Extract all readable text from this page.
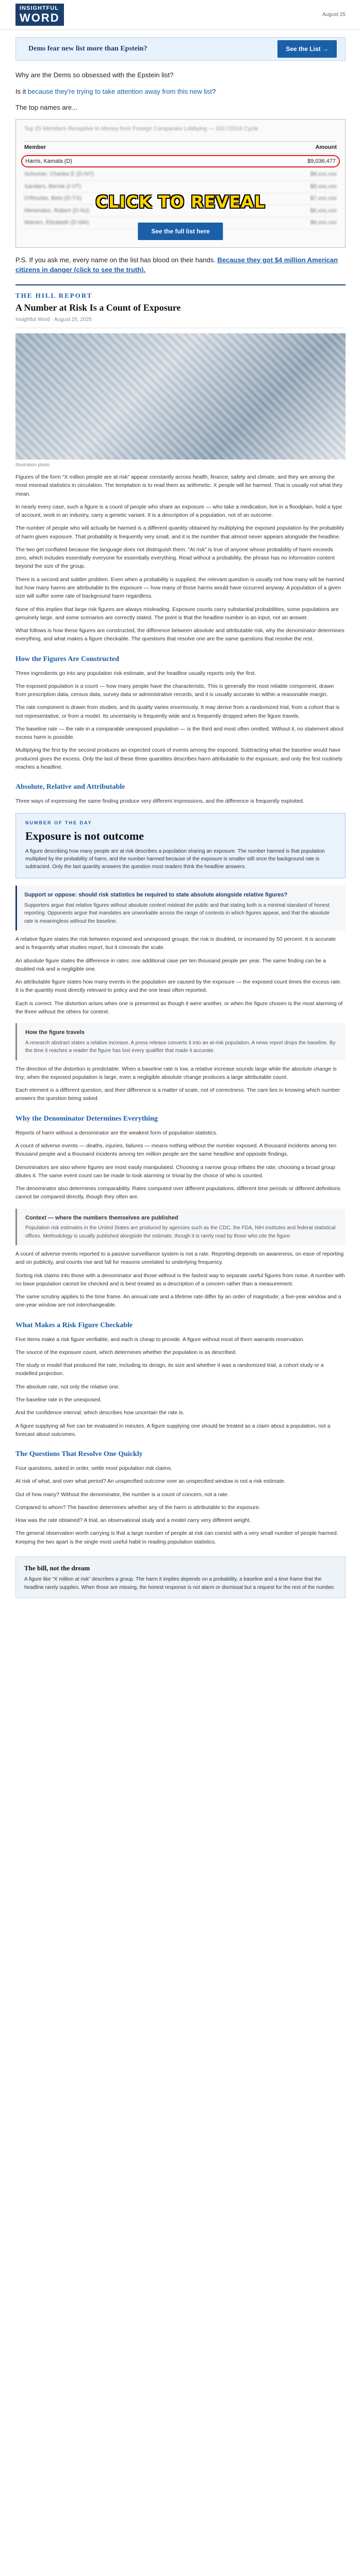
INSIGHTFUL
WORD	August 25
Dems fear new list more than Epstein?	See the List →

Why are the Dems so obsessed with the Epstein list?

Is it because they're trying to take attention away from this new list?

The top names are...

Top 25 Members Receptive to Money from Foreign Companies Lobbying — 2017/2018 Cycle
Member	Amount
Harris, Kamala (D)	$9,036,477
Schumer, Charles E (D-NY)	$8,xxx,xxx
Sanders, Bernie (I-VT)	$8,xxx,xxx
O'Rourke, Beto (D-TX)	$7,xxx,xxx
Menendez, Robert (D-NJ)	$6,xxx,xxx
Warren, Elizabeth (D-MA)	$6,xxx,xxx
CLICK TO REVEAL
See the full list here
P.S. If you ask me, every name on the list has blood on their hands. Because they got $4 million American citizens in danger (click to see the truth).
THE HILL REPORT
A Number at Risk Is a Count of Exposure
Insightful Word · August 25, 2025
Illustration photo

Figures of the form “X million people are at risk” appear constantly across health, finance, safety and climate, and they are among the most misread statistics in circulation. The temptation is to read them as arithmetic: X people will be harmed. That is usually not what they mean.

In nearly every case, such a figure is a count of people who share an exposure — who take a medication, live in a floodplain, hold a type of account, work in an industry, carry a genetic variant. It is a description of a population, not of an outcome.

The number of people who will actually be harmed is a different quantity obtained by multiplying the exposed population by the probability of harm given exposure. That probability is frequently very small, and it is the number that almost never appears alongside the headline.

The two get conflated because the language does not distinguish them. “At risk” is true of anyone whose probability of harm exceeds zero, which includes essentially everyone for essentially everything. Read without a probability, the phrase has no information content beyond the size of the group.

There is a second and subtler problem. Even when a probability is supplied, the relevant question is usually not how many will be harmed but how many harms are attributable to the exposure — how many of those harms would have occurred anyway. A population of a given size will suffer some rate of background harm regardless.

None of this implies that large risk figures are always misleading. Exposure counts carry substantial probabilities, some populations are genuinely large, and some scenarios are correctly stated. The point is that the headline number is an input, not an answer.

What follows is how these figures are constructed, the difference between absolute and attributable risk, why the denominator determines everything, and what makes a figure checkable. The questions that resolve one are the same questions that resolve the rest.

How the Figures Are Constructed

Three ingredients go into any population risk estimate, and the headline usually reports only the first.

The exposed population is a count — how many people have the characteristic. This is generally the most reliable component, drawn from prescription data, census data, survey data or administrative records, and it is usually accurate to within a reasonable margin.

The rate component is drawn from studies, and its quality varies enormously. It may derive from a randomized trial, from a cohort that is not representative, or from a model. Its uncertainty is frequently wide and is frequently dropped when the figure travels.

The baseline rate — the rate in a comparable unexposed population — is the third and most often omitted. Without it, no statement about excess harm is possible.

Multiplying the first by the second produces an expected count of events among the exposed. Subtracting what the baseline would have produced gives the excess. Only the last of these three quantities describes harm attributable to the exposure, and only the first routinely reaches a headline.

Absolute, Relative and Attributable

Three ways of expressing the same finding produce very different impressions, and the difference is frequently exploited.

NUMBER OF THE DAY
Exposure is not outcome

A figure describing how many people are at risk describes a population sharing an exposure. The number harmed is that population multiplied by the probability of harm, and the number harmed because of the exposure is smaller still once the background rate is subtracted. Only the last quantity answers the question most readers think the headline answers.

Support or oppose: should risk statistics be required to state absolute alongside relative figures?

Supporters argue that relative figures without absolute context mislead the public and that stating both is a minimal standard of honest reporting. Opponents argue that mandates are unworkable across the range of contexts in which figures appear, and that the absolute rate is meaningless without the baseline.

A relative figure states the risk between exposed and unexposed groups: the risk is doubled, or increased by 50 percent. It is accurate and is frequently what studies report, but it conceals the scale.

An absolute figure states the difference in rates: one additional case per ten thousand people per year. The same finding can be a doubled risk and a negligible one.

An attributable figure states how many events in the population are caused by the exposure — the exposed count times the excess rate. It is the quantity most directly relevant to policy and the one least often reported.

Each is correct. The distortion arises when one is presented as though it were another, or when the figure chosen is the most alarming of the three without the others for context.

How the figure travels

A research abstract states a relative increase. A press release converts it into an at-risk population. A news report drops the baseline. By the time it reaches a reader the figure has lost every qualifier that made it accurate.

The direction of the distortion is predictable. When a baseline rate is low, a relative increase sounds large while the absolute change is tiny; when the exposed population is large, even a negligible absolute change produces a large attributable count.

Each element is a different question, and their difference is a matter of scale, not of correctness. The care lies in knowing which number answers the question being asked.

Why the Denominator Determines Everything

Reports of harm without a denominator are the weakest form of population statistics.

A count of adverse events — deaths, injuries, failures — means nothing without the number exposed. A thousand incidents among ten thousand people and a thousand incidents among ten million people are the same headline and opposite findings.

Denominators are also where figures are most easily manipulated. Choosing a narrow group inflates the rate; choosing a broad group dilutes it. The same event count can be made to look alarming or trivial by the choice of who is counted.

The denominator also determines comparability. Rates computed over different populations, different time periods or different definitions cannot be compared directly, though they often are.

Context — where the numbers themselves are published

Population risk estimates in the United States are produced by agencies such as the CDC, the FDA, NIH institutes and federal statistical offices. Methodology is usually published alongside the estimate, though it is rarely read by those who cite the figure.

A count of adverse events reported to a passive surveillance system is not a rate. Reporting depends on awareness, on ease of reporting and on publicity, and counts rise and fall for reasons unrelated to underlying frequency.

Sorting risk claims into those with a denominator and those without is the fastest way to separate useful figures from noise. A number with no base population cannot be checked and is best treated as a description of a concern rather than a measurement.

The same scrutiny applies to the time frame. An annual rate and a lifetime rate differ by an order of magnitude; a five-year window and a one-year window are not interchangeable.

What Makes a Risk Figure Checkable

Five items make a risk figure verifiable, and each is cheap to provide. A figure without most of them warrants reservation.

The source of the exposure count, which determines whether the population is as described.

The study or model that produced the rate, including its design, its size and whether it was a randomized trial, a cohort study or a modelled projection.

The absolute rate, not only the relative one.

The baseline rate in the unexposed.

And the confidence interval, which describes how uncertain the rate is.

A figure supplying all five can be evaluated in minutes. A figure supplying one should be treated as a claim about a population, not a forecast about outcomes.

The Questions That Resolve One Quickly

Four questions, asked in order, settle most population risk claims.

At risk of what, and over what period? An unspecified outcome over an unspecified window is not a risk estimate.

Out of how many? Without the denominator, the number is a count of concern, not a rate.

Compared to whom? The baseline determines whether any of the harm is attributable to the exposure.

How was the rate obtained? A trial, an observational study and a model carry very different weight.

The general observation worth carrying is that a large number of people at risk can coexist with a very small number of people harmed. Keeping the two apart is the single most useful habit in reading population statistics.

The bill, not the dream

A figure like “X million at risk” describes a group. The harm it implies depends on a probability, a baseline and a time frame that the headline rarely supplies. When those are missing, the honest response is not alarm or dismissal but a request for the rest of the number.
